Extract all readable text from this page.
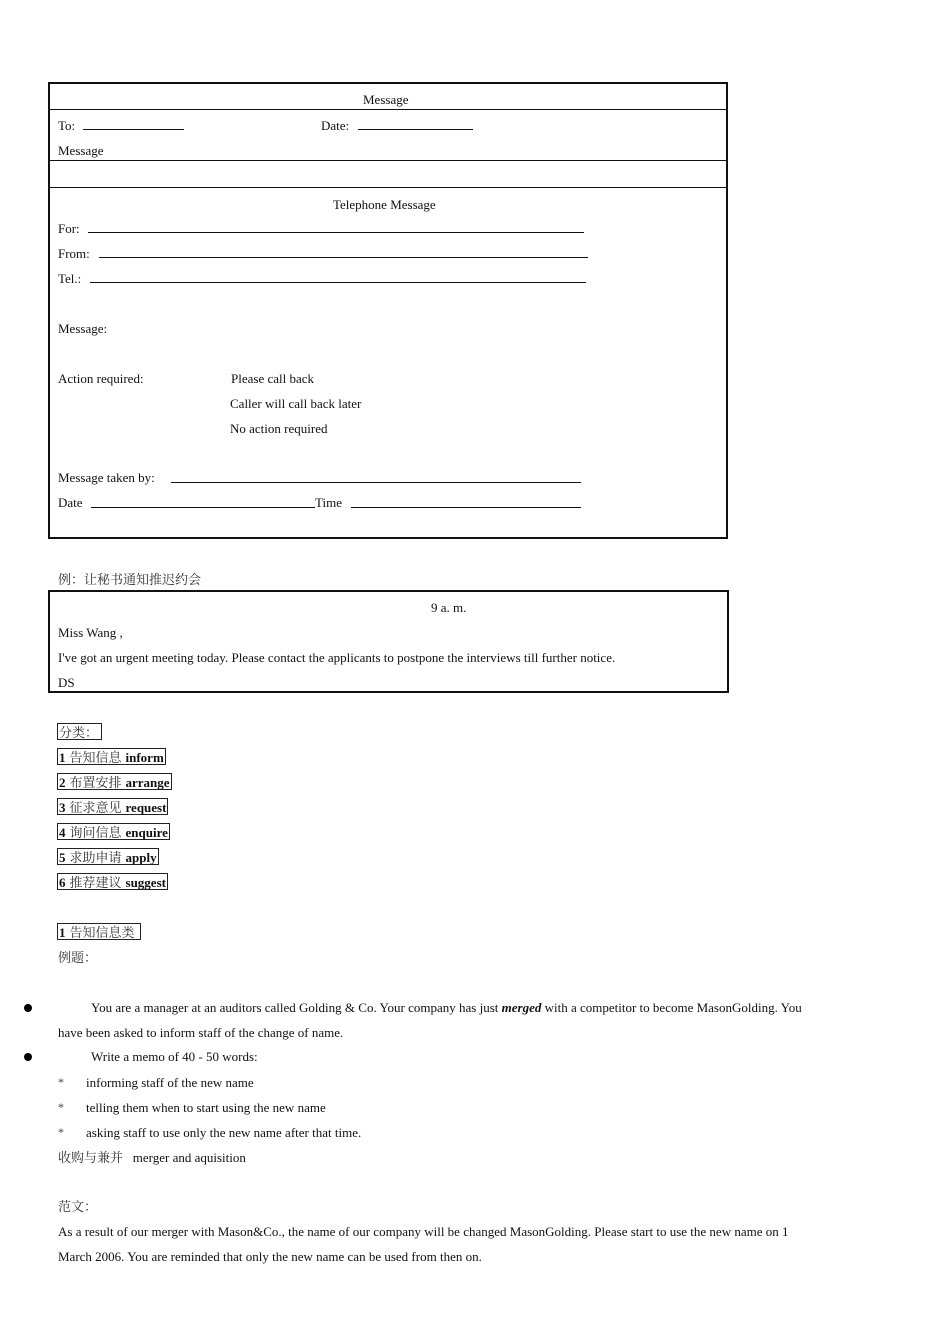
Message
To:	Date:
Message
Telephone Message
For:
From:
Tel.:
Message:
Action required:	Please call back
Caller will call back later
No action required
Message taken by:
Date	Time
例：让秘书通知推迟约会
9 a. m.
Miss Wang ,
I've got an urgent meeting today. Please contact the applicants to postpone the interviews till further notice.
DS
分类：
1 告知信息 inform
2 布置安排 arrange
3 征求意见 request
4 询问信息 enquire
5 求助申请 apply
6 推荐建议 suggest
1 告知信息类
例题：
You are a manager at an auditors called Golding & Co. Your company has just merged with a competitor to become MasonGolding. You
have been asked to inform staff of the change of name.
Write a memo of 40 - 50 words:
* informing staff of the new name
* telling them when to start using the new name
* asking staff to use only the new name after that time.
收购与兼并 merger and aquisition
范文：
As a result of our merger with Mason&Co., the name of our company will be changed MasonGolding. Please start to use the new name on 1
March 2006. You are reminded that only the new name can be used from then on.
